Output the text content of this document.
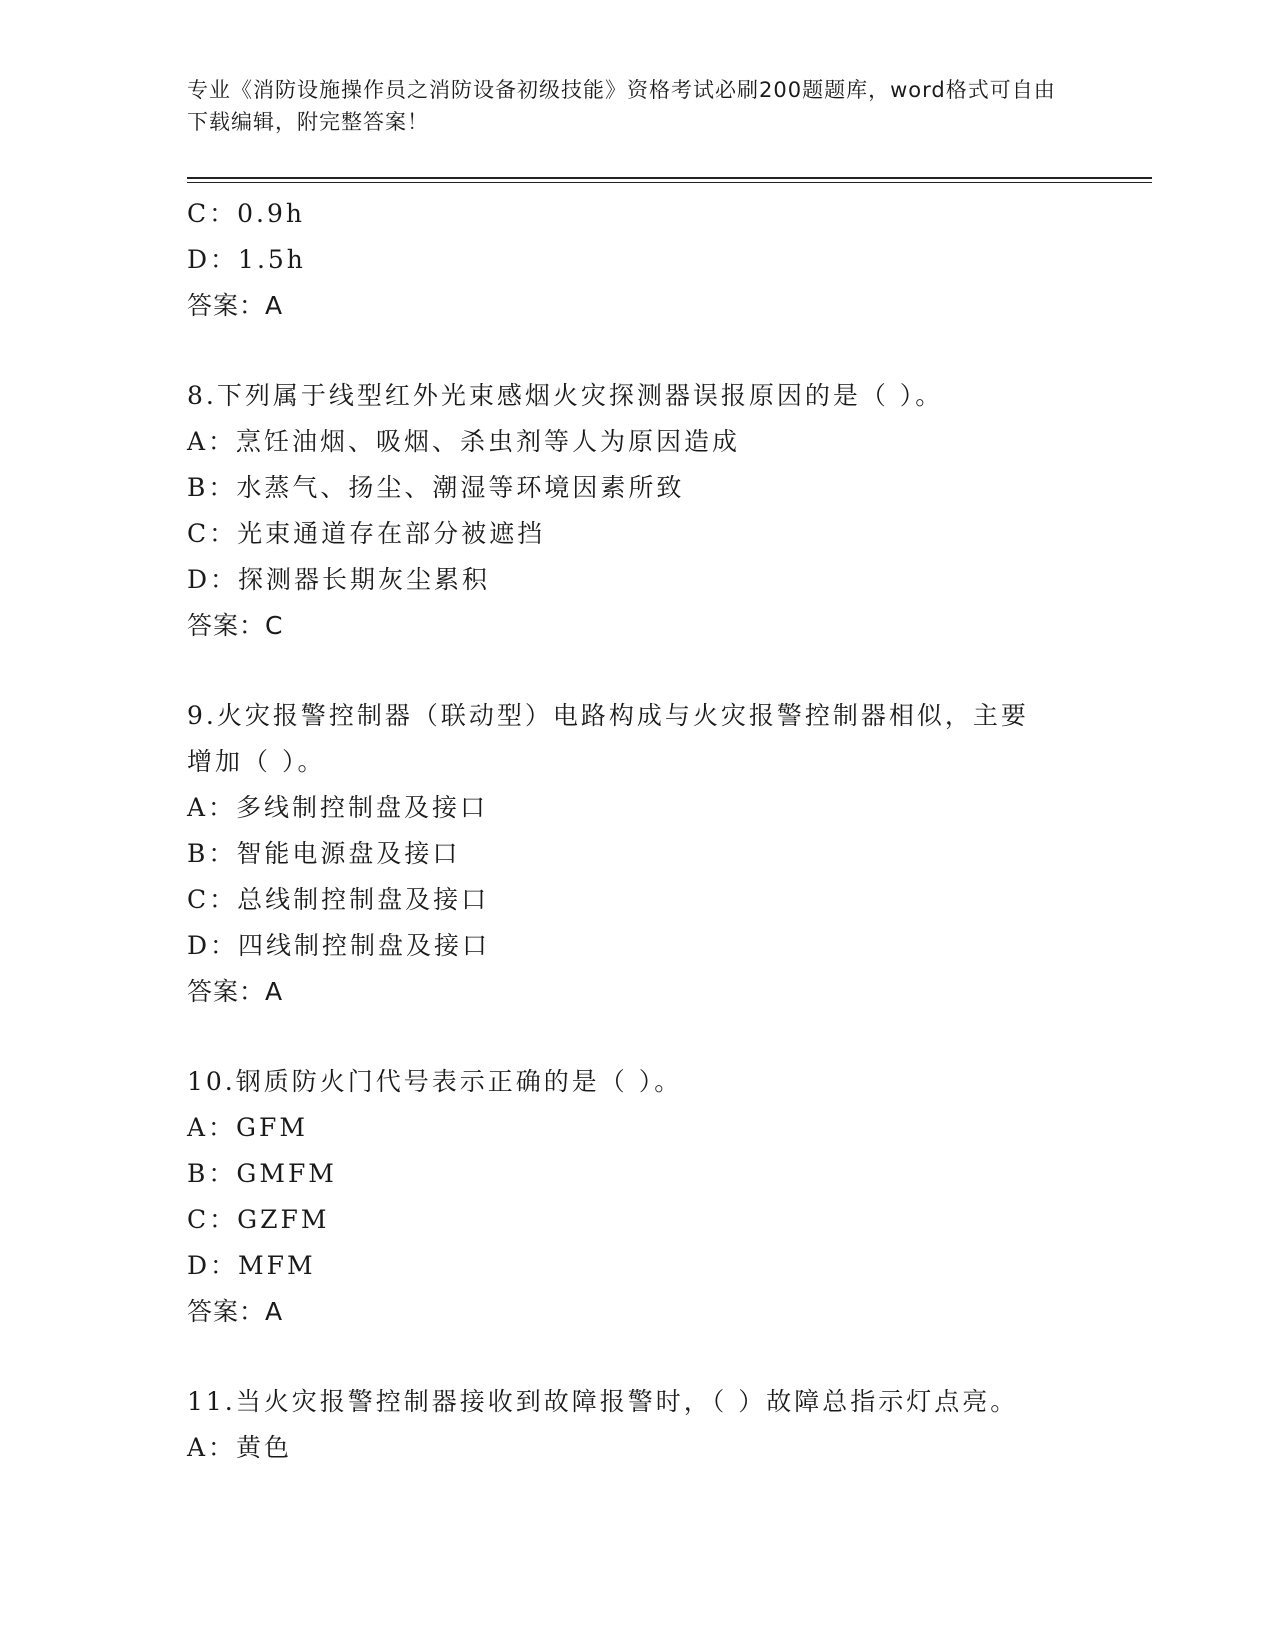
专业《消防设施操作员之消防设备初级技能》资格考试必刷200题题库，word格式可自由下载编辑，附完整答案！
C：0.9h
D：1.5h
答案：A
8.下列属于线型红外光束感烟火灾探测器误报原因的是（ ）。
A：烹饪油烟、吸烟、杀虫剂等人为原因造成
B：水蒸气、扬尘、潮湿等环境因素所致
C：光束通道存在部分被遮挡
D：探测器长期灰尘累积
答案：C
9.火灾报警控制器（联动型）电路构成与火灾报警控制器相似，主要
增加（ ）。
A：多线制控制盘及接口
B：智能电源盘及接口
C：总线制控制盘及接口
D：四线制控制盘及接口
答案：A
10.钢质防火门代号表示正确的是（ ）。
A：GFM
B：GMFM
C：GZFM
D：MFM
答案：A
11.当火灾报警控制器接收到故障报警时，（ ）故障总指示灯点亮。
A：黄色
